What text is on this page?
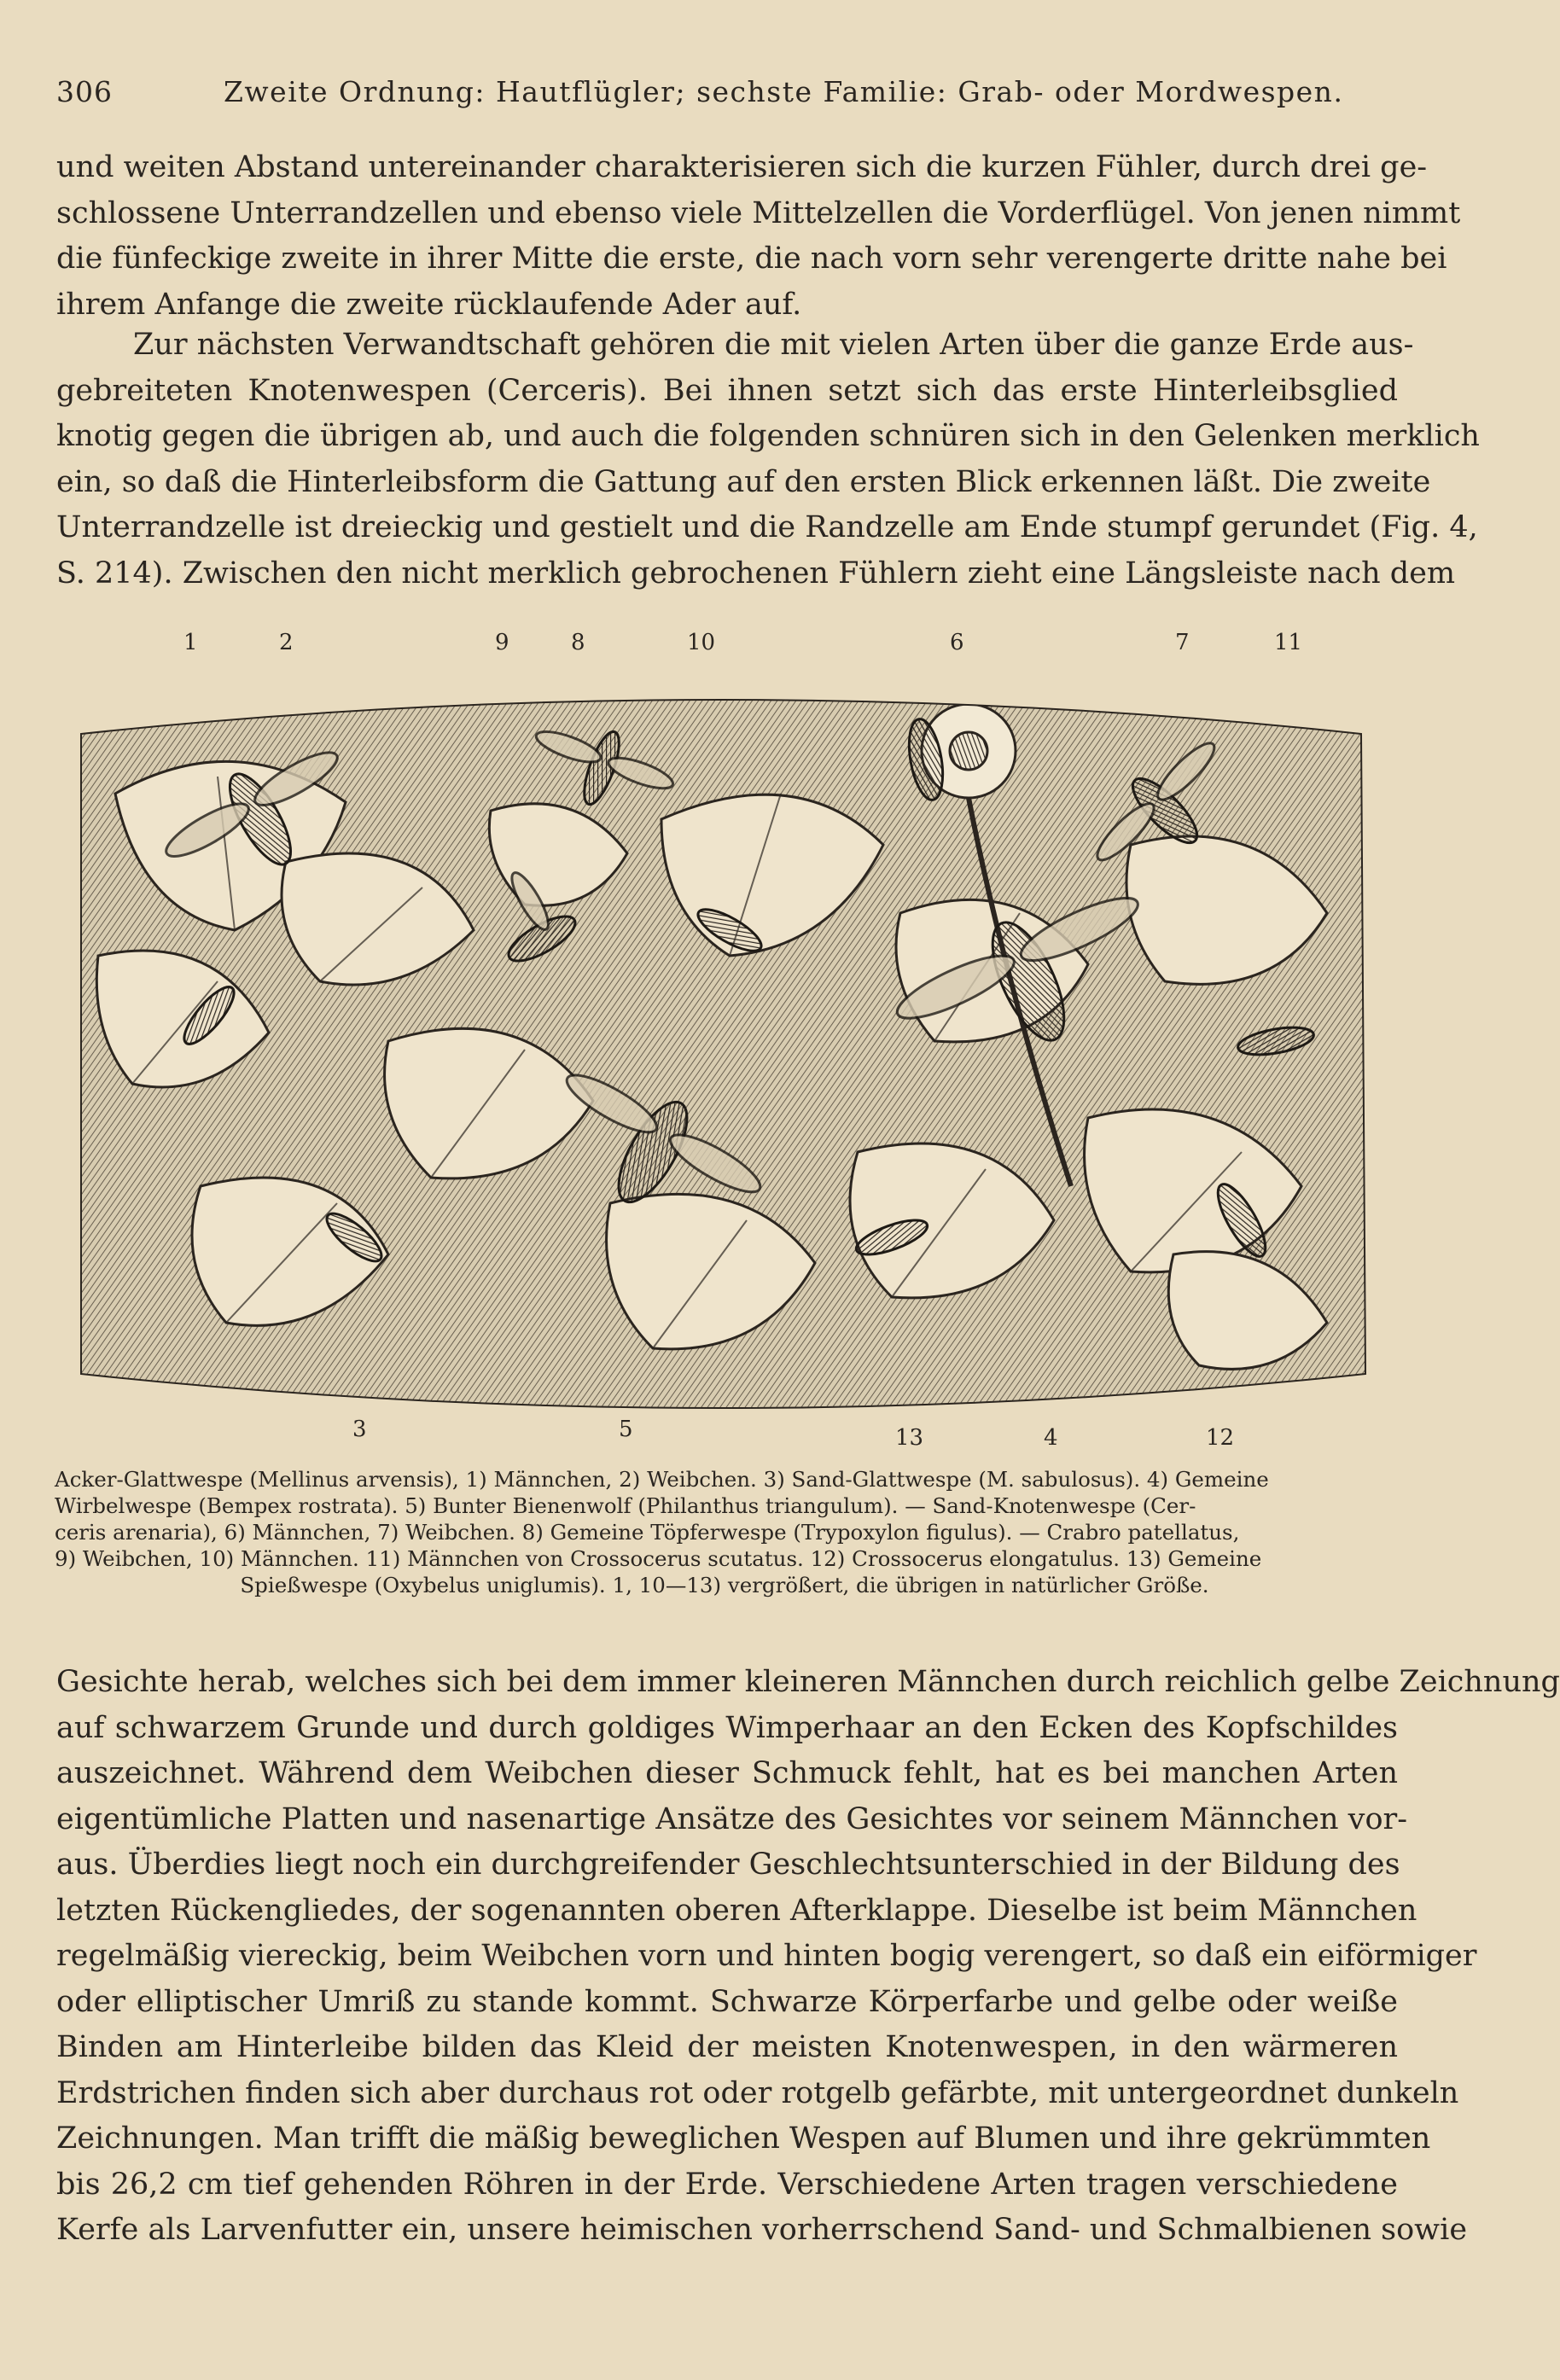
306	Zweite Ordnung: Hautflügler; sechste Familie: Grab- oder Mordwespen.
und weiten Abstand untereinander charakterisieren sich die kurzen Fühler, durch drei ge-
schlossene Unterrandzellen und ebenso viele Mittelzellen die Vorderflügel. Von jenen nimmt
die fünfeckige zweite in ihrer Mitte die erste, die nach vorn sehr verengerte dritte nahe bei
ihrem Anfange die zweite rücklaufende Ader auf.
Zur nächsten Verwandtschaft gehören die mit vielen Arten über die ganze Erde aus-
gebreiteten Knotenwespen (Cerceris). Bei ihnen setzt sich das erste Hinterleibsglied
knotig gegen die übrigen ab, und auch die folgenden schnüren sich in den Gelenken merklich
ein, so daß die Hinterleibsform die Gattung auf den ersten Blick erkennen läßt. Die zweite
Unterrandzelle ist dreieckig und gestielt und die Randzelle am Ende stumpf gerundet (Fig. 4,
S. 214). Zwischen den nicht merklich gebrochenen Fühlern zieht eine Längsleiste nach dem
1	2	9	8	10	6	7	11
3	5	13	4	12
Acker-Glattwespe (Mellinus arvensis), 1) Männchen, 2) Weibchen. 3) Sand-Glattwespe (M. sabulosus). 4) Gemeine
Wirbelwespe (Bempex rostrata). 5) Bunter Bienenwolf (Philanthus triangulum). — Sand-Knotenwespe (Cer-
ceris arenaria), 6) Männchen, 7) Weibchen. 8) Gemeine Töpferwespe (Trypoxylon figulus). — Crabro patellatus,
9) Weibchen, 10) Männchen. 11) Männchen von Crossocerus scutatus. 12) Crossocerus elongatulus. 13) Gemeine
Spießwespe (Oxybelus uniglumis). 1, 10—13) vergrößert, die übrigen in natürlicher Größe.
Gesichte herab, welches sich bei dem immer kleineren Männchen durch reichlich gelbe Zeichnung
auf schwarzem Grunde und durch goldiges Wimperhaar an den Ecken des Kopfschildes
auszeichnet. Während dem Weibchen dieser Schmuck fehlt, hat es bei manchen Arten
eigentümliche Platten und nasenartige Ansätze des Gesichtes vor seinem Männchen vor-
aus. Überdies liegt noch ein durchgreifender Geschlechtsunterschied in der Bildung des
letzten Rückengliedes, der sogenannten oberen Afterklappe. Dieselbe ist beim Männchen
regelmäßig viereckig, beim Weibchen vorn und hinten bogig verengert, so daß ein eiförmiger
oder elliptischer Umriß zu stande kommt. Schwarze Körperfarbe und gelbe oder weiße
Binden am Hinterleibe bilden das Kleid der meisten Knotenwespen, in den wärmeren
Erdstrichen finden sich aber durchaus rot oder rotgelb gefärbte, mit untergeordnet dunkeln
Zeichnungen. Man trifft die mäßig beweglichen Wespen auf Blumen und ihre gekrümmten
bis 26,2 cm tief gehenden Röhren in der Erde. Verschiedene Arten tragen verschiedene
Kerfe als Larvenfutter ein, unsere heimischen vorherrschend Sand- und Schmalbienen sowie
